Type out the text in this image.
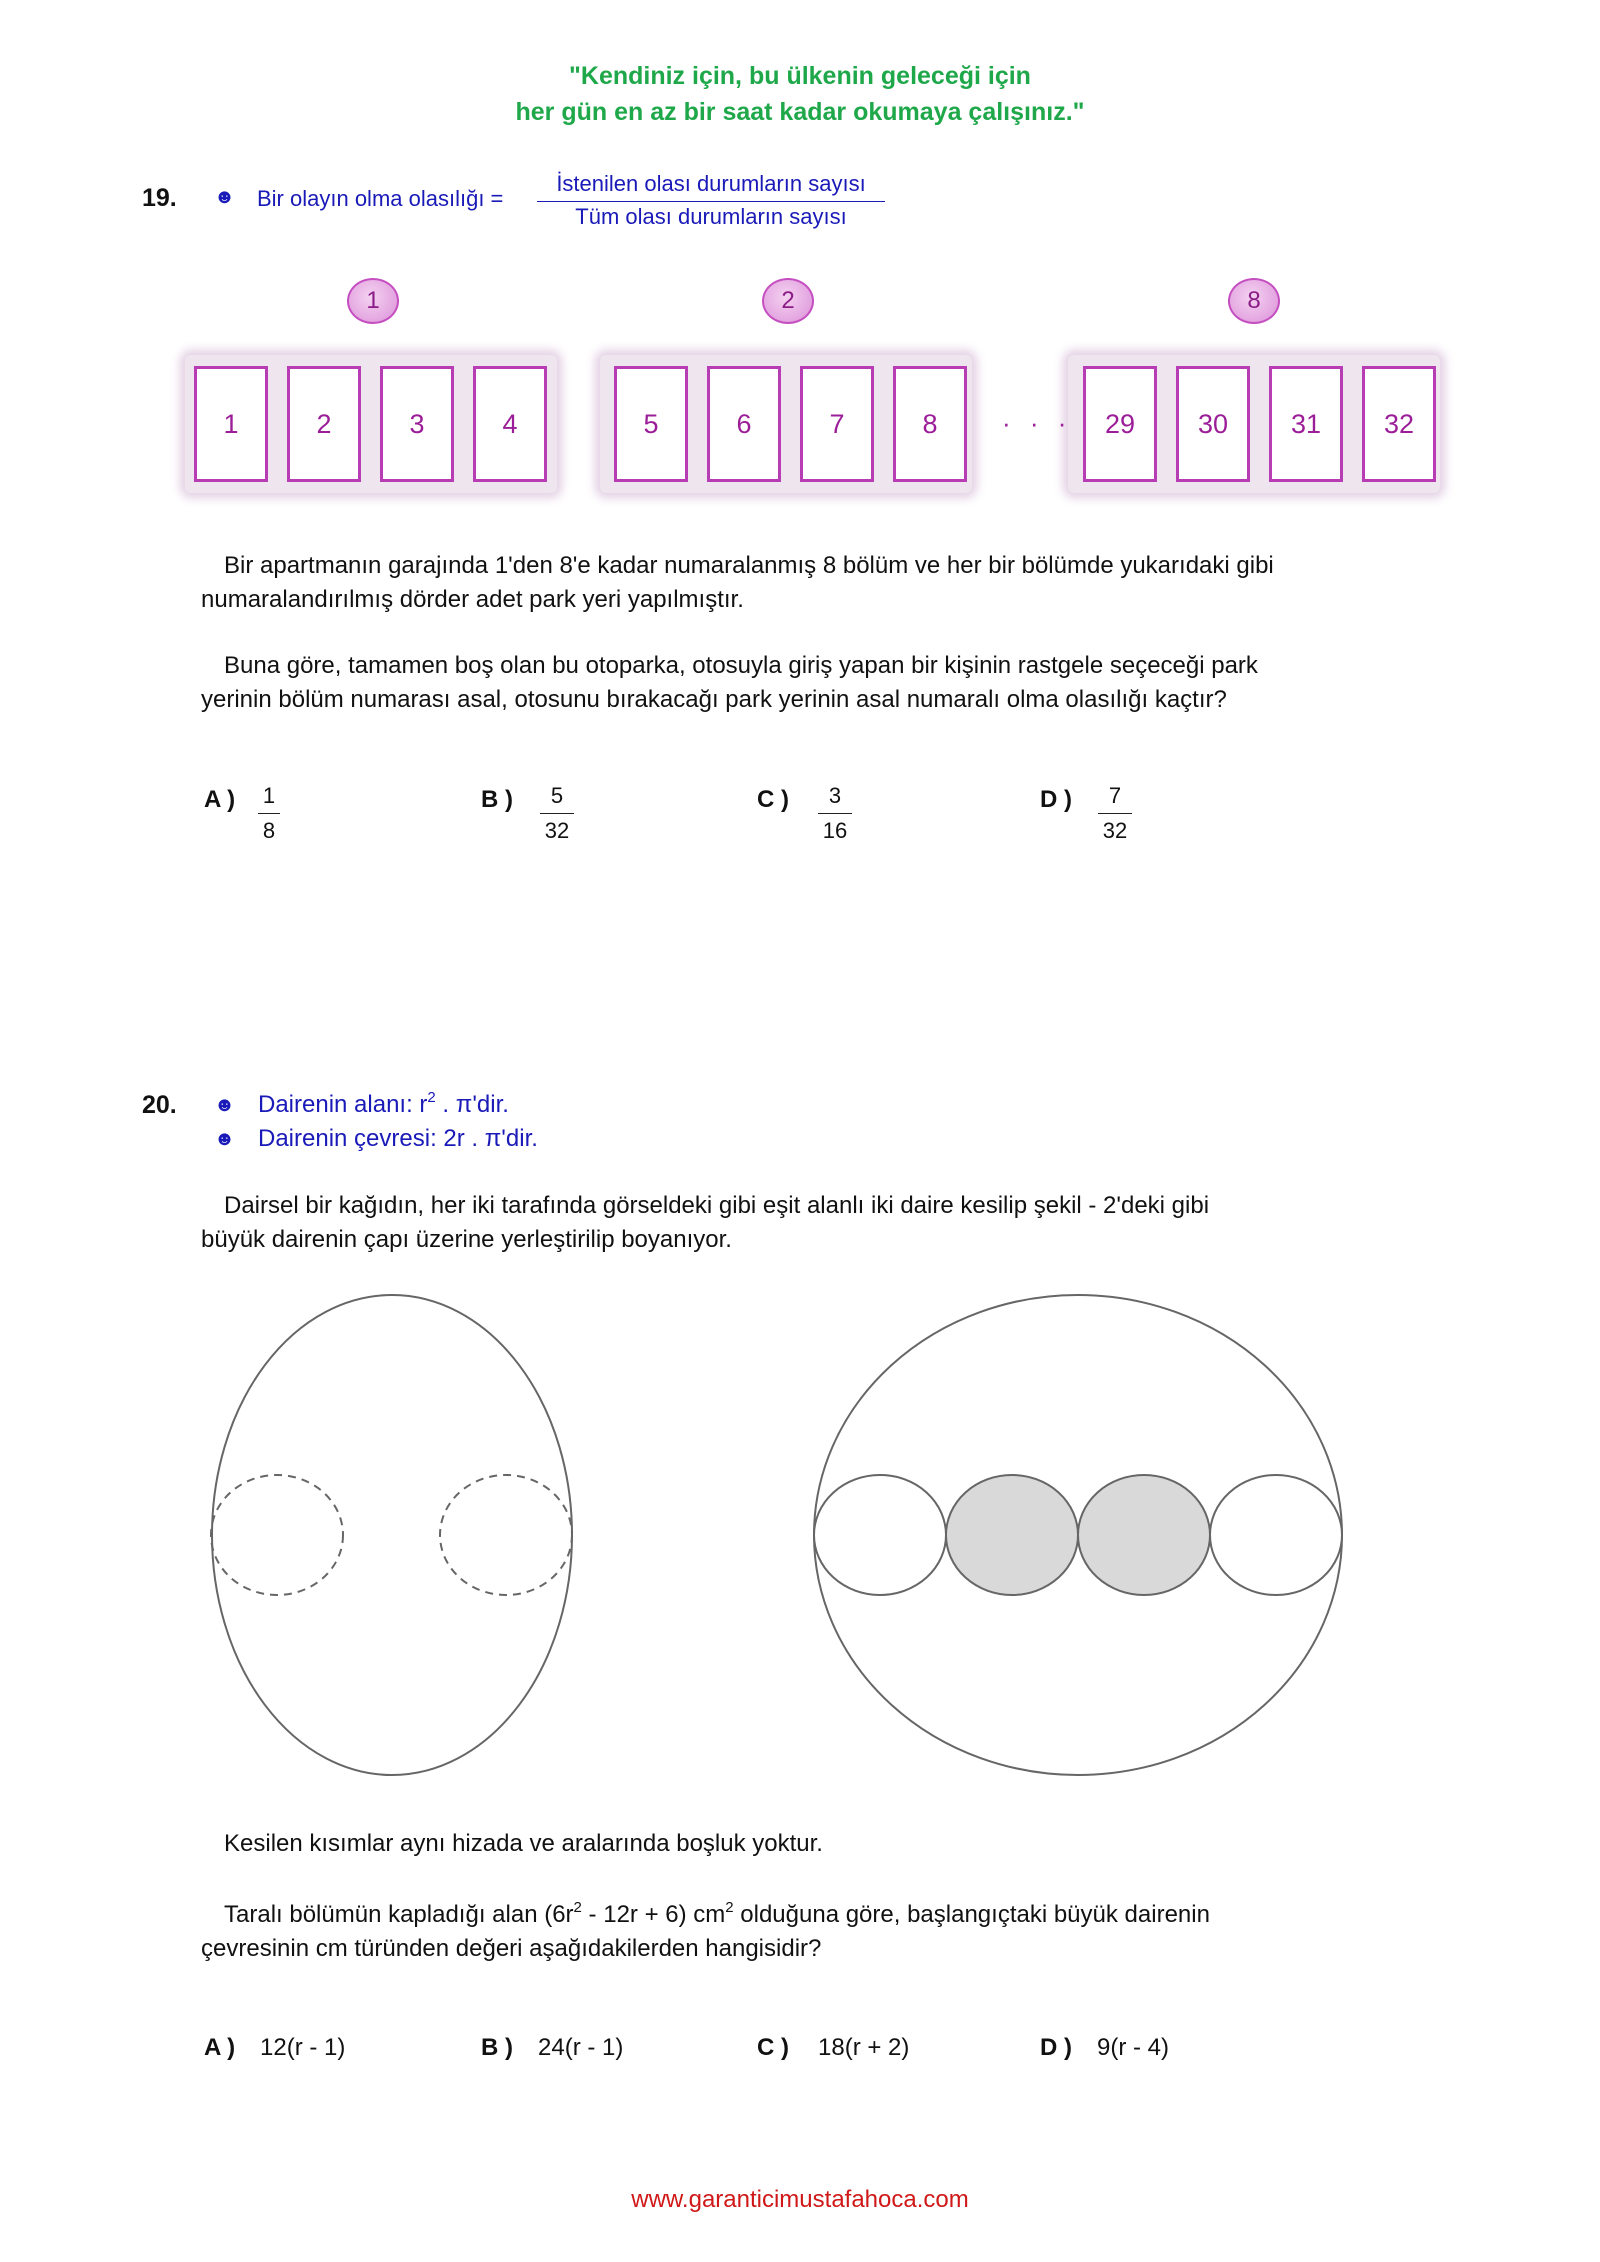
"Kendiniz için, bu ülkenin geleceği için
her gün en az bir saat kadar okumaya çalışınız."
19. ☻ Bir olayın olma olasılığı =
İstenilen olası durumların sayısı
Tüm olası durumların sayısı
1	2	8
1	2	3	4	5	6	7	8	· · ·	29	30	31	32
Bir apartmanın garajında 1'den 8'e kadar numaralanmış 8 bölüm ve her bir bölümde yukarıdaki gibi
numaralandırılmış dörder adet park yeri yapılmıştır.
Buna göre, tamamen boş olan bu otoparka, otosuyla giriş yapan bir kişinin rastgele seçeceği park
yerinin bölüm numarası asal, otosunu bırakacağı park yerinin asal numaralı olma olasılığı kaçtır?
A ) 1
8
B )	5
32
C )	3
16
D )	7
32
20. ☻ Dairenin alanı: $r^2$ . π'dir.
☻ Dairenin çevresi: 2r . π'dir.
Dairsel bir kağıdın, her iki tarafında görseldeki gibi eşit alanlı iki daire kesilip şekil - 2'deki gibi
büyük dairenin çapı üzerine yerleştirilip boyanıyor.
Kesilen kısımlar aynı hizada ve aralarında boşluk yoktur.
Taralı bölümün kapladığı alan $(6r^2 - 12r + 6)$ $cm^2$ olduğuna göre, başlangıçtaki büyük dairenin
çevresinin cm türünden değeri aşağıdakilerden hangisidir?
A ) 12(r - 1)	B ) 24(r - 1)	C ) 18(r + 2)	D ) 9(r - 4)
www.garanticimustafahoca.com
